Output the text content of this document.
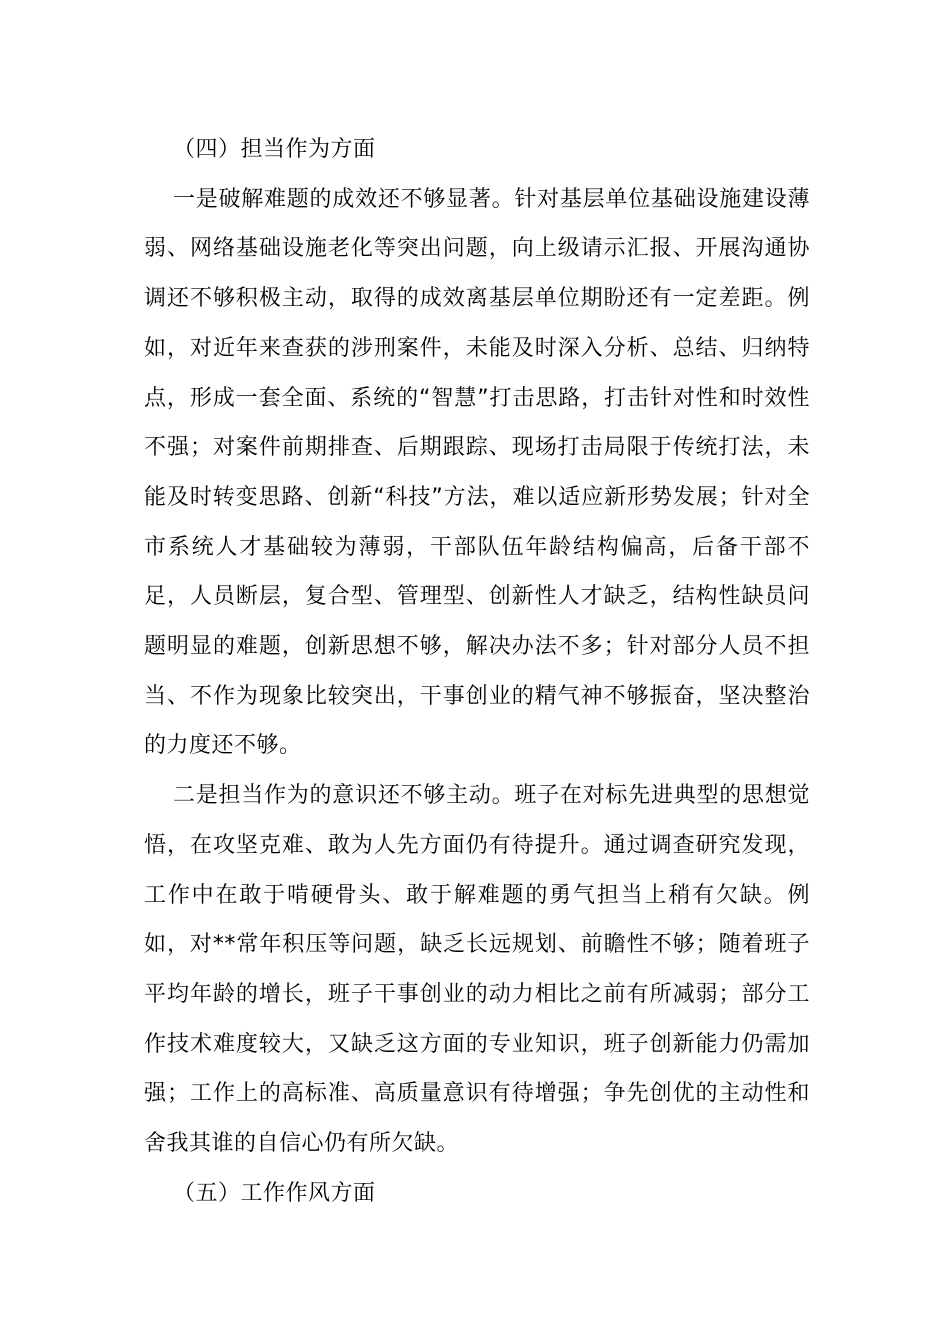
（四）担当作为方面

一是破解难题的成效还不够显著。针对基层单位基础设施建设薄弱、网络基础设施老化等突出问题，向上级请示汇报、开展沟通协调还不够积极主动，取得的成效离基层单位期盼还有一定差距。例如，对近年来查获的涉刑案件，未能及时深入分析、总结、归纳特点，形成一套全面、系统的“智慧”打击思路，打击针对性和时效性不强；对案件前期排查、后期跟踪、现场打击局限于传统打法，未能及时转变思路、创新“科技”方法，难以适应新形势发展；针对全市系统人才基础较为薄弱，干部队伍年龄结构偏高，后备干部不足，人员断层，复合型、管理型、创新性人才缺乏，结构性缺员问题明显的难题，创新思想不够，解决办法不多；针对部分人员不担当、不作为现象比较突出，干事创业的精气神不够振奋，坚决整治的力度还不够。

二是担当作为的意识还不够主动。班子在对标先进典型的思想觉悟，在攻坚克难、敢为人先方面仍有待提升。通过调查研究发现，工作中在敢于啃硬骨头、敢于解难题的勇气担当上稍有欠缺。例如，对**常年积压等问题，缺乏长远规划、前瞻性不够；随着班子平均年龄的增长，班子干事创业的动力相比之前有所减弱；部分工作技术难度较大，又缺乏这方面的专业知识，班子创新能力仍需加强；工作上的高标准、高质量意识有待增强；争先创优的主动性和舍我其谁的自信心仍有所欠缺。

（五）工作作风方面
